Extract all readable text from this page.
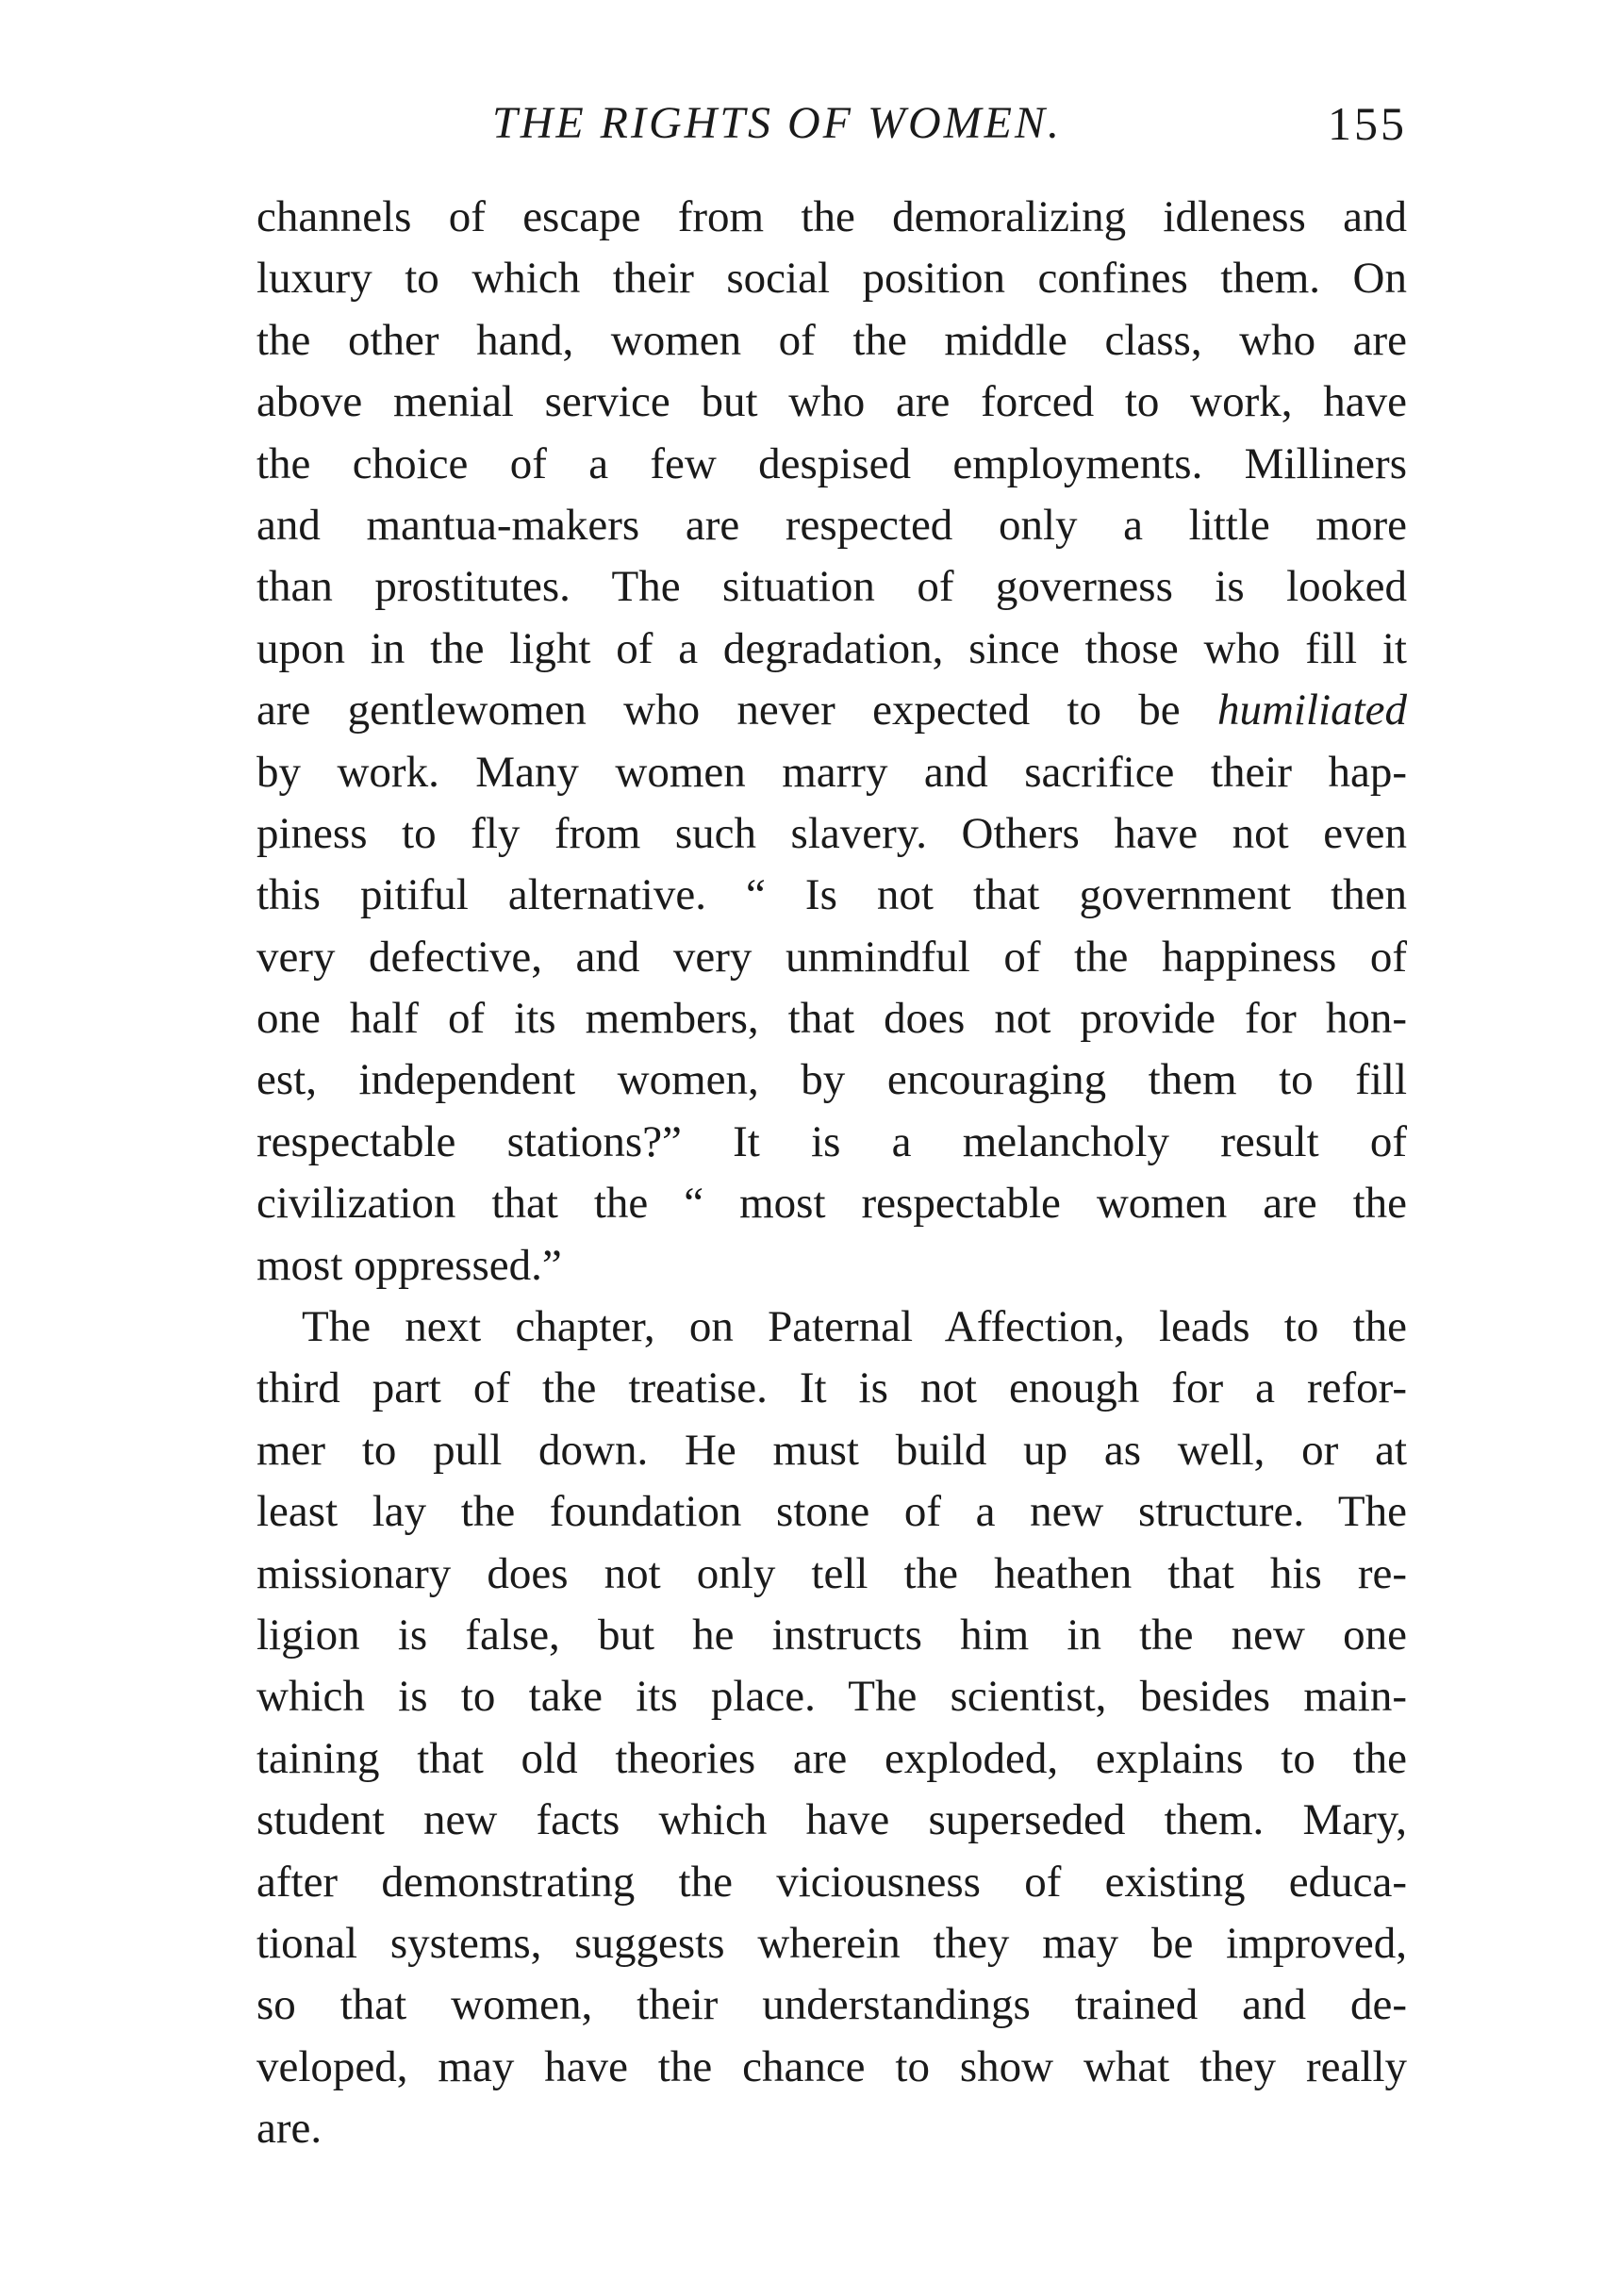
THE RIGHTS OF WOMEN.	155
channels of escape from the demoralizing idleness and
luxury to which their social position confines them. On
the other hand, women of the middle class, who are
above menial service but who are forced to work, have
the choice of a few despised employments. Milliners
and mantua-makers are respected only a little more
than prostitutes. The situation of governess is looked
upon in the light of a degradation, since those who fill it
are gentlewomen who never expected to be humiliated
by work. Many women marry and sacrifice their hap-
piness to fly from such slavery. Others have not even
this pitiful alternative. “ Is not that government then
very defective, and very unmindful of the happiness of
one half of its members, that does not provide for hon-
est, independent women, by encouraging them to fill
respectable stations?” It is a melancholy result of
civilization that the “ most respectable women are the
most oppressed.”
The next chapter, on Paternal Affection, leads to the
third part of the treatise. It is not enough for a refor-
mer to pull down. He must build up as well, or at
least lay the foundation stone of a new structure. The
missionary does not only tell the heathen that his re-
ligion is false, but he instructs him in the new one
which is to take its place. The scientist, besides main-
taining that old theories are exploded, explains to the
student new facts which have superseded them. Mary,
after demonstrating the viciousness of existing educa-
tional systems, suggests wherein they may be improved,
so that women, their understandings trained and de-
veloped, may have the chance to show what they really
are.
